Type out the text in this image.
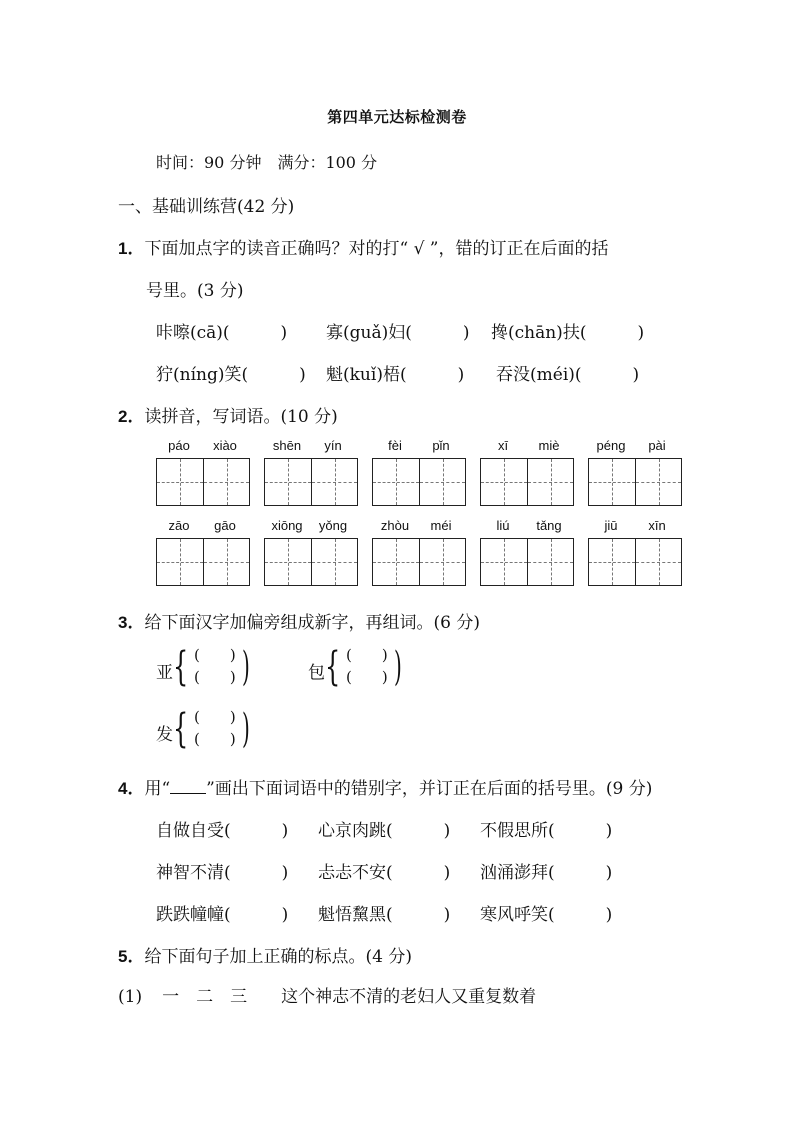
第四单元达标检测卷
时间：90 分钟　满分：100 分
一、基础训练营(42 分)
1．下面加点字的读音正确吗？对的打“ √ ”，错的订正在后面的括
号里。(3 分)
咔嚓(cā)(　　　) 寡(guǎ)妇(　　　) 搀(chān)扶(　　　)
狞(níng)笑(　　　) 魁(kuǐ)梧(　　　) 吞没(méi)(　　　)
2．读拼音，写词语。(10 分)
páo	xiào	shēn	yín	fèi	pǐn	xī	miè	péng	pài
zāo	gāo	xiōng	yǒng	zhòu	méi	liú	tǎng	jiū	xīn
3．给下面汉字加偏旁组成新字，再组词。(6 分)
亚 { (　　)
(　　) )	包 { (　　)
(　　) )
发 { (　　)
(　　) )
4．用“ ”画出下面词语中的错别字，并订正在后面的括号里。(9 分)
自做自受(　　　) 心京肉跳(　　　) 不假思所(　　　)
神智不清(　　　) 忐忐不安(　　　) 汹涌澎拜(　　　)
跌跌幢幢(　　　) 魁悟黧黑(　　　) 寒风呼笑(　　　)
5．给下面句子加上正确的标点。(4 分)
(1) 一　二　三 这个神志不清的老妇人又重复数着
